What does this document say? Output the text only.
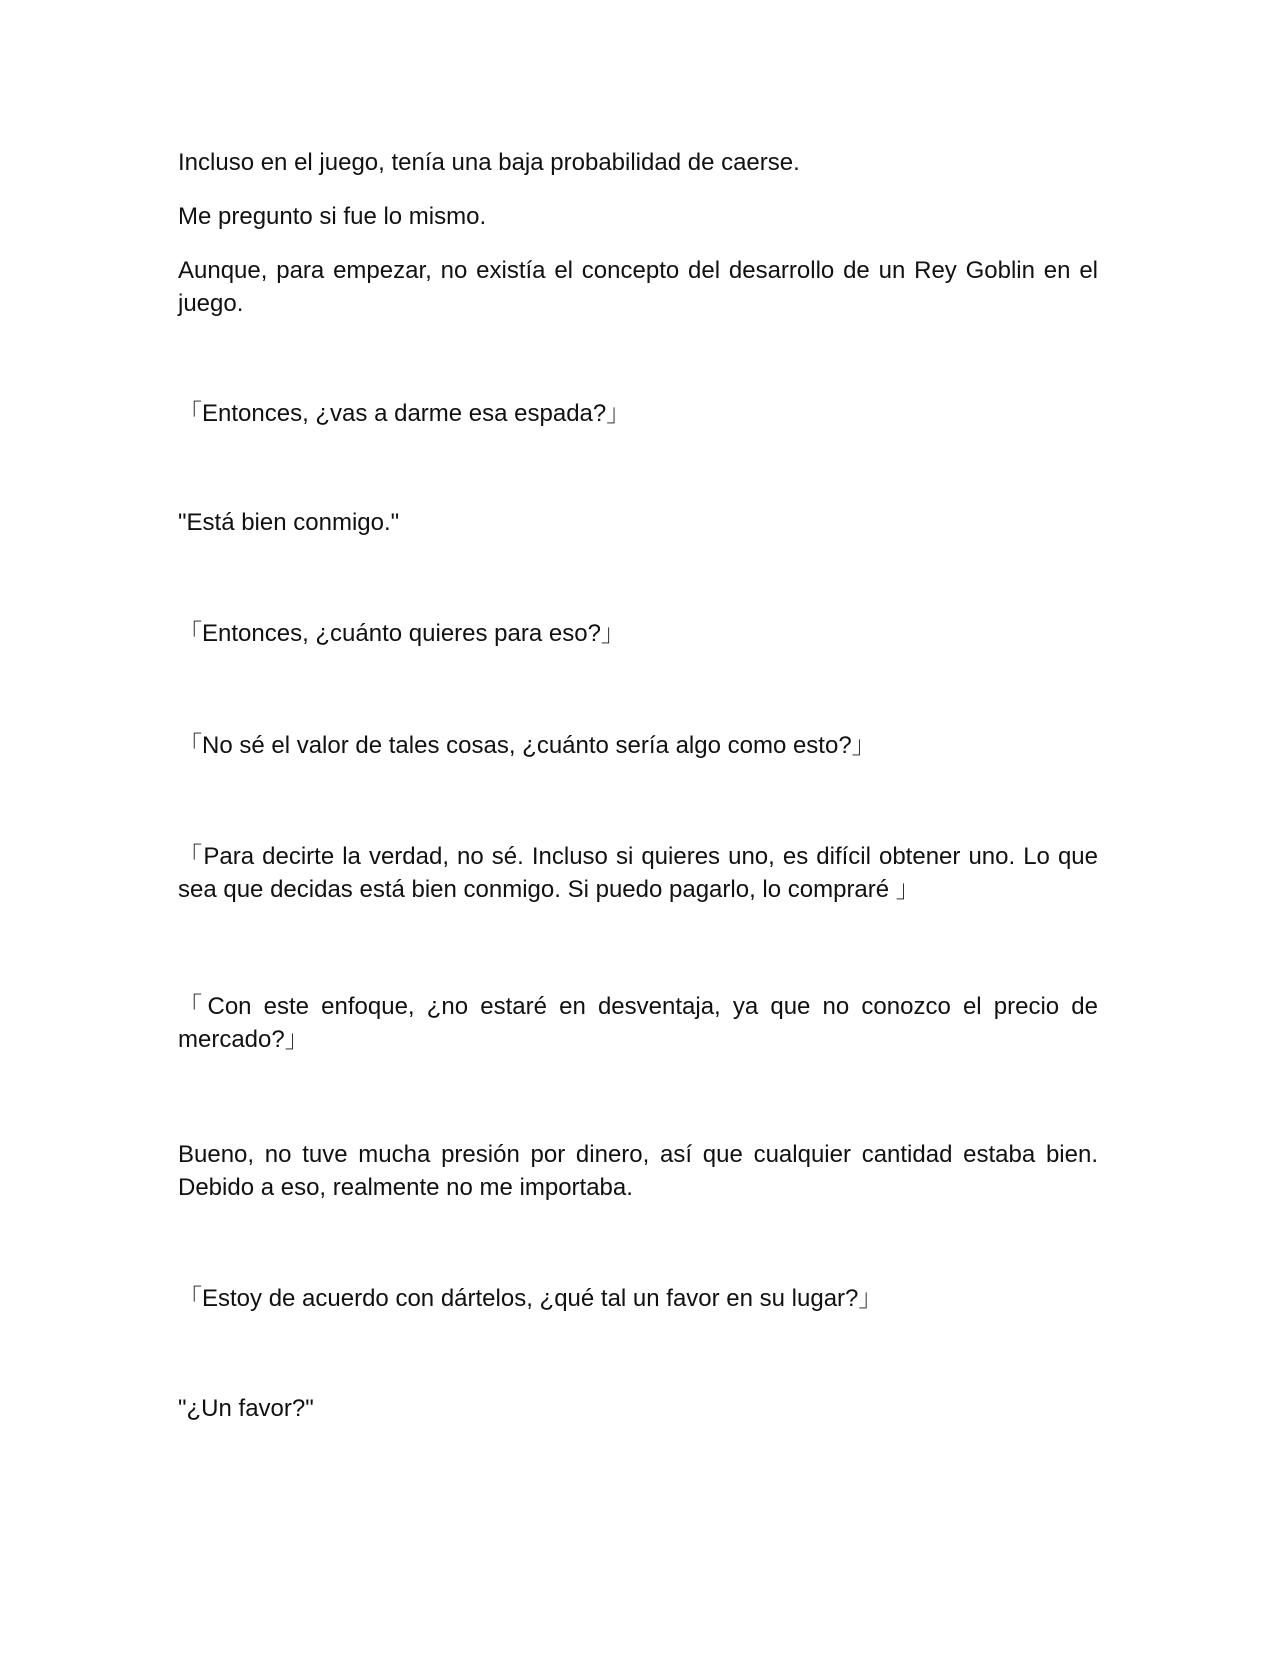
Incluso en el juego, tenía una baja probabilidad de caerse.

Me pregunto si fue lo mismo.

Aunque, para empezar, no existía el concepto del desarrollo de un Rey Goblin en el juego.

「Entonces, ¿vas a darme esa espada?」

"Está bien conmigo."

「Entonces, ¿cuánto quieres para eso?」

「No sé el valor de tales cosas, ¿cuánto sería algo como esto?」

「Para decirte la verdad, no sé. Incluso si quieres uno, es difícil obtener uno. Lo que sea que decidas está bien conmigo. Si puedo pagarlo, lo compraré 」

「Con este enfoque, ¿no estaré en desventaja, ya que no conozco el precio de mercado?」

Bueno, no tuve mucha presión por dinero, así que cualquier cantidad estaba bien. Debido a eso, realmente no me importaba.

「Estoy de acuerdo con dártelos, ¿qué tal un favor en su lugar?」

"¿Un favor?"
